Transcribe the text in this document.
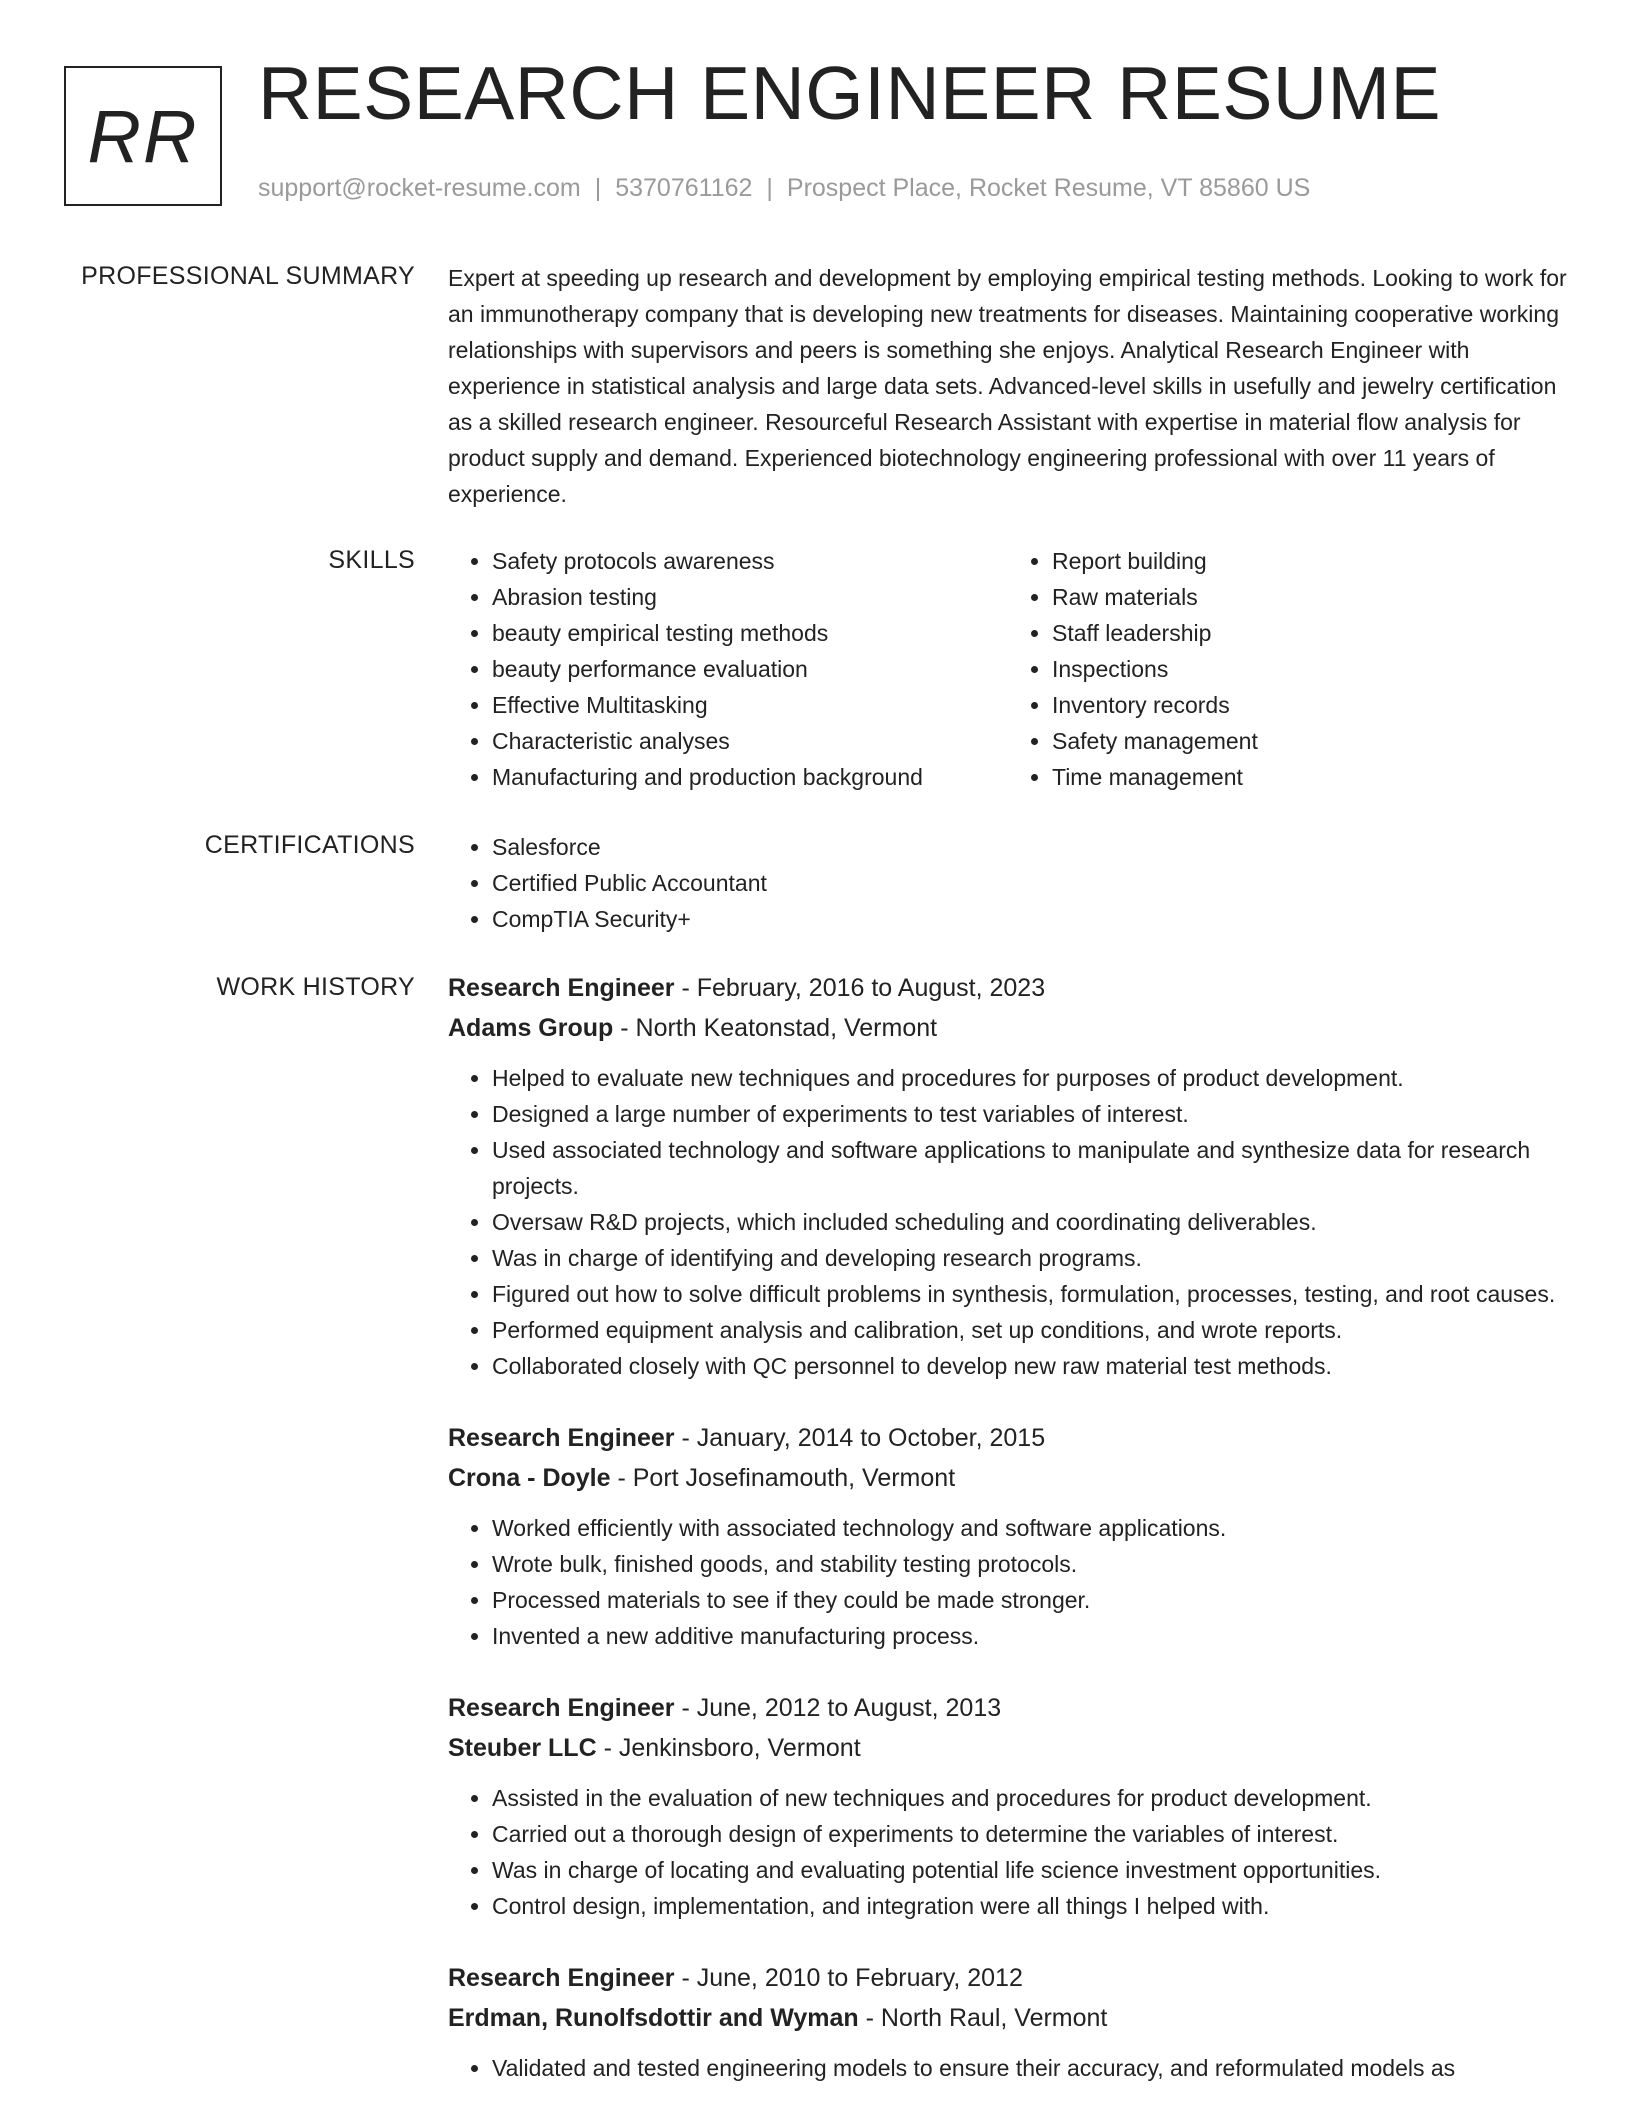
RR
RESEARCH ENGINEER RESUME
support@rocket-resume.com | 5370761162 | Prospect Place, Rocket Resume, VT 85860 US
PROFESSIONAL SUMMARY Expert at speeding up research and development by employing empirical testing methods. Looking to work for an immunotherapy company that is developing new treatments for diseases. Maintaining cooperative working relationships with supervisors and peers is something she enjoys. Analytical Research Engineer with experience in statistical analysis and large data sets. Advanced-level skills in usefully and jewelry certification as a skilled research engineer. Resourceful Research Assistant with expertise in material flow analysis for product supply and demand. Experienced biotechnology engineering professional with over 11 years of experience.

SKILLS	• Safety protocols awareness
• Abrasion testing
• beauty empirical testing methods
• beauty performance evaluation
• Effective Multitasking
• Characteristic analyses
• Manufacturing and production background
• Report building
• Raw materials
• Staff leadership
• Inspections
• Inventory records
• Safety management
• Time management
CERTIFICATIONS	• Salesforce
• Certified Public Accountant
• CompTIA Security+
WORK HISTORY Research Engineer - February, 2016 to August, 2023
Adams Group - North Keatonstad, Vermont
• Helped to evaluate new techniques and procedures for purposes of product development.
• Designed a large number of experiments to test variables of interest.
• Used associated technology and software applications to manipulate and synthesize data for research projects.
• Oversaw R&D projects, which included scheduling and coordinating deliverables.
• Was in charge of identifying and developing research programs.
• Figured out how to solve difficult problems in synthesis, formulation, processes, testing, and root causes.
• Performed equipment analysis and calibration, set up conditions, and wrote reports.
• Collaborated closely with QC personnel to develop new raw material test methods.
Research Engineer - January, 2014 to October, 2015
Crona - Doyle - Port Josefinamouth, Vermont
• Worked efficiently with associated technology and software applications.
• Wrote bulk, finished goods, and stability testing protocols.
• Processed materials to see if they could be made stronger.
• Invented a new additive manufacturing process.
Research Engineer - June, 2012 to August, 2013
Steuber LLC - Jenkinsboro, Vermont
• Assisted in the evaluation of new techniques and procedures for product development.
• Carried out a thorough design of experiments to determine the variables of interest.
• Was in charge of locating and evaluating potential life science investment opportunities.
• Control design, implementation, and integration were all things I helped with.
Research Engineer - June, 2010 to February, 2012
Erdman, Runolfsdottir and Wyman - North Raul, Vermont
• Validated and tested engineering models to ensure their accuracy, and reformulated models as
